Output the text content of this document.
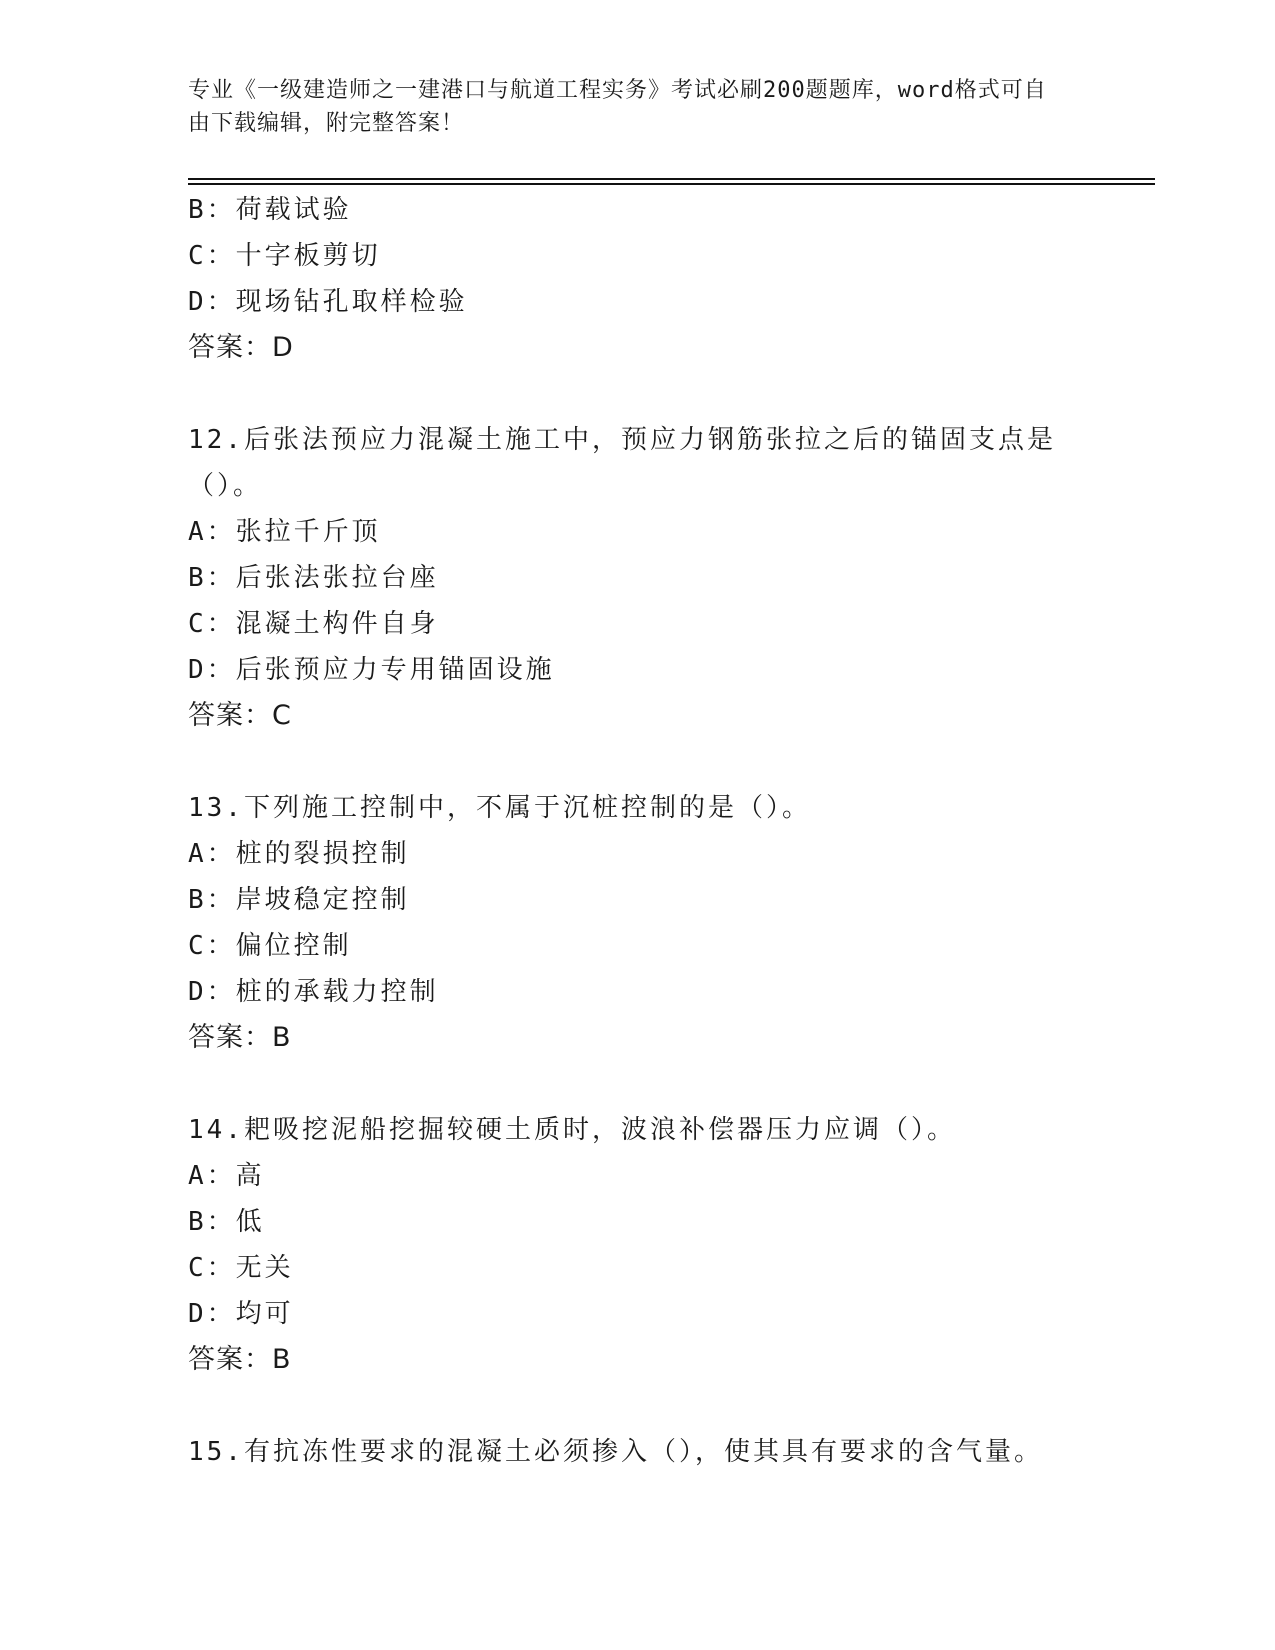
专业《一级建造师之一建港口与航道工程实务》考试必刷200题题库，word格式可自由下载编辑，附完整答案！
B：荷载试验
C：十字板剪切
D：现场钻孔取样检验
答案：D
12.后张法预应力混凝土施工中，预应力钢筋张拉之后的锚固支点是（）。
A：张拉千斤顶
B：后张法张拉台座
C：混凝土构件自身
D：后张预应力专用锚固设施
答案：C
13.下列施工控制中，不属于沉桩控制的是（）。
A：桩的裂损控制
B：岸坡稳定控制
C：偏位控制
D：桩的承载力控制
答案：B
14.耙吸挖泥船挖掘较硬土质时，波浪补偿器压力应调（）。
A：高
B：低
C：无关
D：均可
答案：B
15.有抗冻性要求的混凝土必须掺入（），使其具有要求的含气量。
